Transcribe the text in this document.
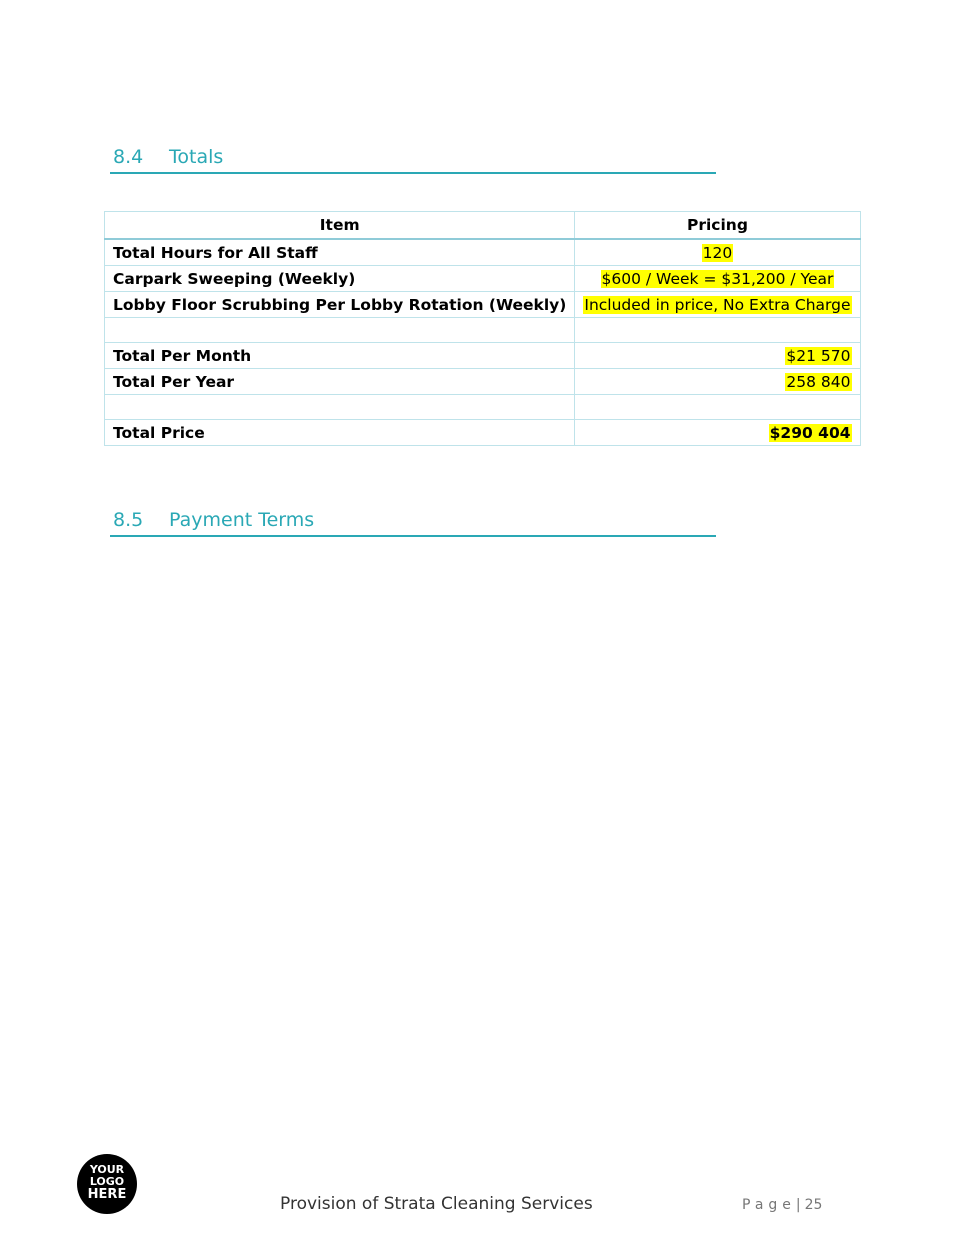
8.4 Totals
Item	Pricing
Total Hours for All Staff	120
Carpark Sweeping (Weekly)	$600 / Week = $31,200 / Year
Lobby Floor Scrubbing Per Lobby Rotation (Weekly)	Included in price, No Extra Charge

Total Per Month	$21 570
Total Per Year	258 840

Total Price	$290 404
8.5 Payment Terms
YOUR
LOGO
HERE	Provision of Strata Cleaning Services	Page| 25
